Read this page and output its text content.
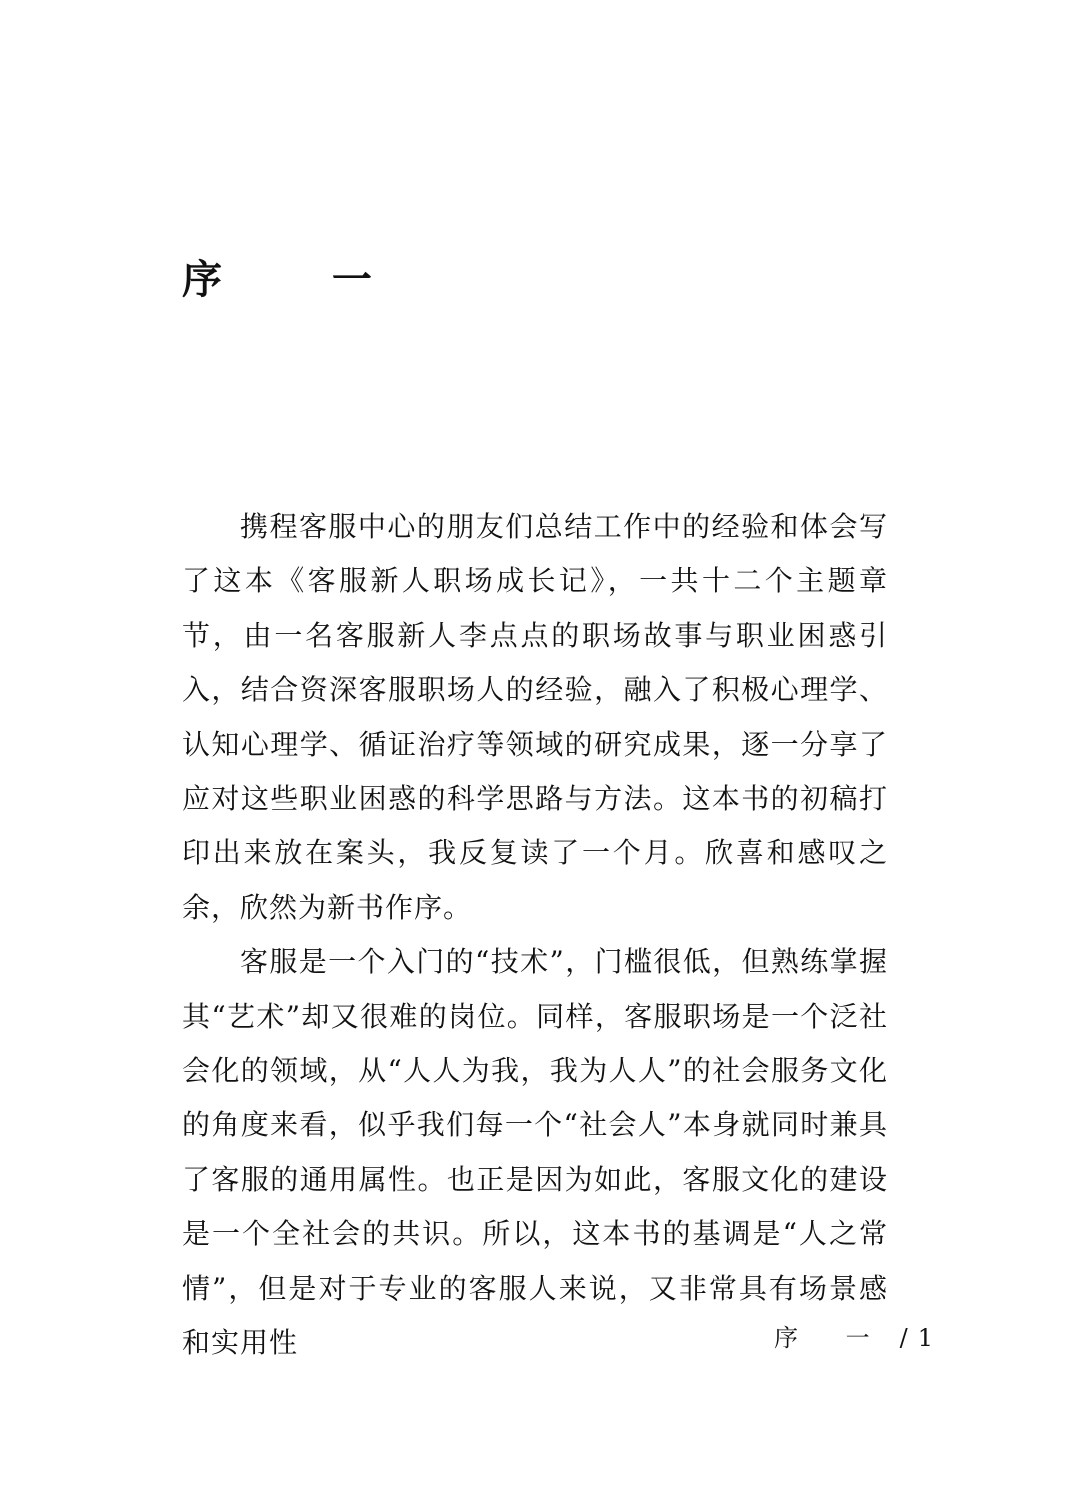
序 一

携程客服中心的朋友们总结工作中的经验和体会写了这本《客服新人职场成长记》，一共十二个主题章节，由一名客服新人李点点的职场故事与职业困惑引入，结合资深客服职场人的经验，融入了积极心理学、认知心理学、循证治疗等领域的研究成果，逐一分享了应对这些职业困惑的科学思路与方法。这本书的初稿打印出来放在案头，我反复读了一个月。欣喜和感叹之余，欣然为新书作序。

客服是一个入门的“技术”，门槛很低，但熟练掌握其“艺术”却又很难的岗位。同样，客服职场是一个泛社会化的领域，从“人人为我，我为人人”的社会服务文化的角度来看，似乎我们每一个“社会人”本身就同时兼具了客服的通用属性。也正是因为如此，客服文化的建设是一个全社会的共识。所以，这本书的基调是“人之常情”，但是对于专业的客服人来说，又非常具有场景感和实用性	序 一 / 1
